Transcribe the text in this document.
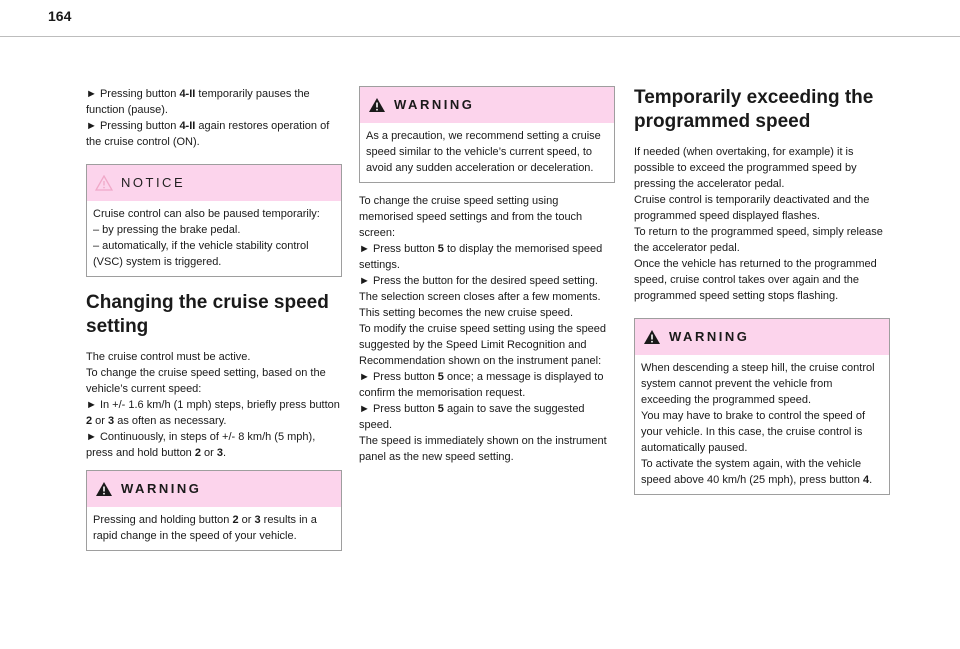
164

► Pressing button 4-II temporarily pauses the function (pause).

► Pressing button 4-II again restores operation of the cruise control (ON).

NOTICE

Cruise control can also be paused temporarily:

– by pressing the brake pedal.

– automatically, if the vehicle stability control (VSC) system is triggered.

Changing the cruise speed setting

The cruise control must be active.

To change the cruise speed setting, based on the vehicle’s current speed:

► In +/- 1.6 km/h (1 mph) steps, briefly press button 2 or 3 as often as necessary.

► Continuously, in steps of +/- 8 km/h (5 mph), press and hold button 2 or 3.

WARNING

Pressing and holding button 2 or 3 results in a rapid change in the speed of your vehicle.

WARNING

As a precaution, we recommend setting a cruise speed similar to the vehicle’s current speed, to avoid any sudden acceleration or deceleration.

To change the cruise speed setting using memorised speed settings and from the touch screen:

► Press button 5 to display the memorised speed settings.

► Press the button for the desired speed setting.

The selection screen closes after a few moments.

This setting becomes the new cruise speed.

To modify the cruise speed setting using the speed suggested by the Speed Limit Recognition and Recommendation shown on the instrument panel:

► Press button 5 once; a message is displayed to confirm the memorisation request.

► Press button 5 again to save the suggested speed.

The speed is immediately shown on the instrument panel as the new speed setting.

Temporarily exceeding the programmed speed

If needed (when overtaking, for example) it is possible to exceed the programmed speed by pressing the accelerator pedal.

Cruise control is temporarily deactivated and the programmed speed displayed flashes.

To return to the programmed speed, simply release the accelerator pedal.

Once the vehicle has returned to the programmed speed, cruise control takes over again and the programmed speed setting stops flashing.

WARNING

When descending a steep hill, the cruise control system cannot prevent the vehicle from exceeding the programmed speed.

You may have to brake to control the speed of your vehicle. In this case, the cruise control is automatically paused.

To activate the system again, with the vehicle speed above 40 km/h (25 mph), press button 4.
